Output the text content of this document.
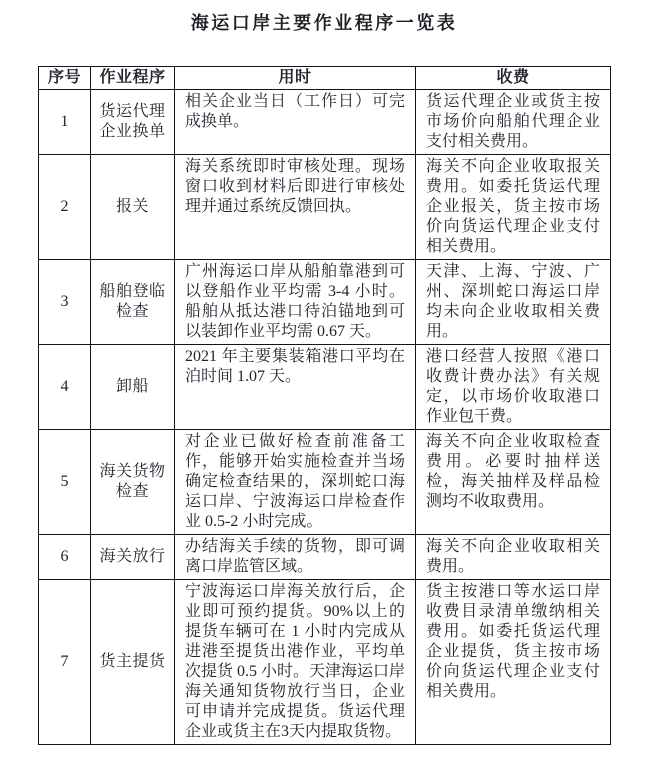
海运口岸主要作业程序一览表
序号	作业程序	用时	收费
1	货运代理企业换单	相关企业当日（工作日）可完成换单。	货运代理企业或货主按市场价向船舶代理企业支付相关费用。
2	报关	海关系统即时审核处理。现场窗口收到材料后即进行审核处理并通过系统反馈回执。	海关不向企业收取报关费用。如委托货运代理企业报关，货主按市场价向货运代理企业支付相关费用。
3	船舶登临检查	广州海运口岸从船舶靠港到可以登船作业平均需 3-4 小时。船舶从抵达港口待泊锚地到可以装卸作业平均需 0.67 天。	天津、上海、宁波、广州、深圳蛇口海运口岸均未向企业收取相关费用。
4	卸船	2021 年主要集装箱港口平均在泊时间 1.07 天。	港口经营人按照《港口收费计费办法》有关规定，以市场价收取港口作业包干费。
5	海关货物检查	对企业已做好检查前准备工作，能够开始实施检查并当场确定检查结果的，深圳蛇口海运口岸、宁波海运口岸检查作业 0.5-2 小时完成。	海关不向企业收取检查费用。必要时抽样送检，海关抽样及样品检测均不收取费用。
6	海关放行	办结海关手续的货物，即可调离口岸监管区域。	海关不向企业收取相关费用。
7	货主提货	宁波海运口岸海关放行后，企业即可预约提货。90%以上的提货车辆可在 1 小时内完成从进港至提货出港作业，平均单次提货 0.5 小时。天津海运口岸海关通知货物放行当日，企业可申请并完成提货。货运代理企业或货主在3天内提取货物。	货主按港口等水运口岸收费目录清单缴纳相关费用。如委托货运代理企业提货，货主按市场价向货运代理企业支付相关费用。
